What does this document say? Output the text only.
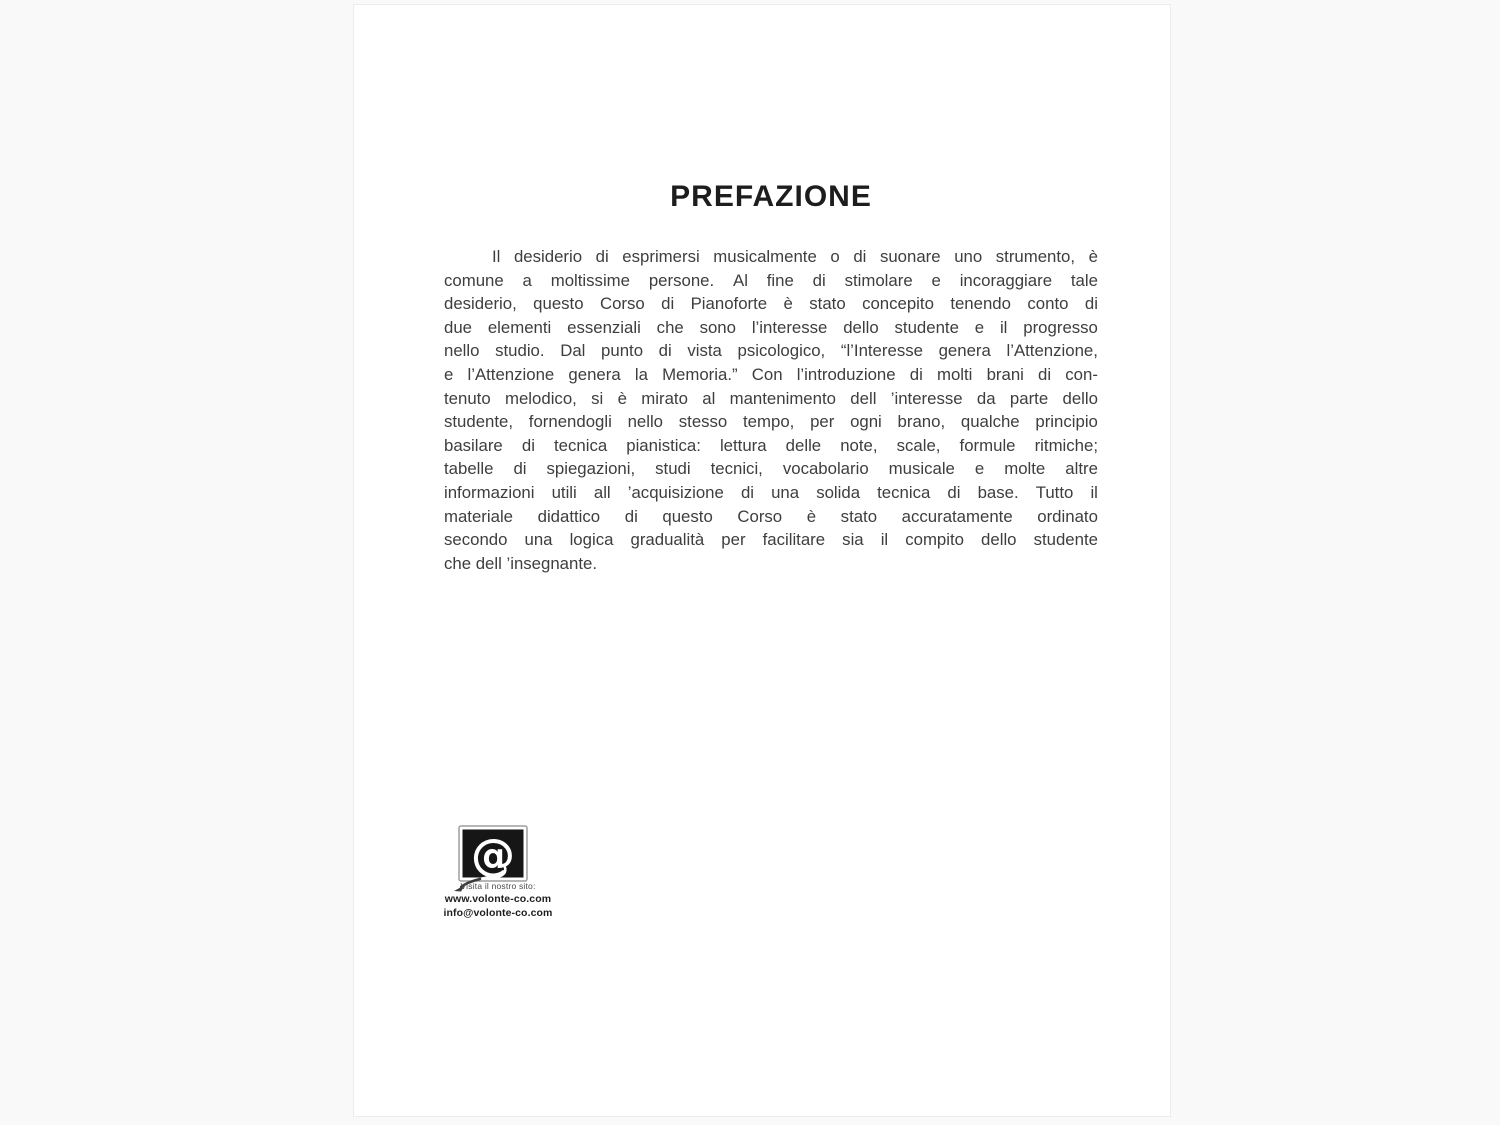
PREFAZIONE
Il desiderio di esprimersi musicalmente o di suonare uno strumento, è
comune a moltissime persone. Al fine di stimolare e incoraggiare tale
desiderio, questo Corso di Pianoforte è stato concepito tenendo conto di
due elementi essenziali che sono l’interesse dello studente e il progresso
nello studio. Dal punto di vista psicologico, “l’Interesse genera l’Attenzione,
e l’Attenzione genera la Memoria.” Con l’introduzione di molti brani di con-
tenuto melodico, si è mirato al mantenimento dell ’interesse da parte dello
studente, fornendogli nello stesso tempo, per ogni brano, qualche principio
basilare di tecnica pianistica: lettura delle note, scale, formule ritmiche;
tabelle di spiegazioni, studi tecnici, vocabolario musicale e molte altre
informazioni utili all ’acquisizione di una solida tecnica di base. Tutto il
materiale didattico di questo Corso è stato accuratamente ordinato
secondo una logica gradualità per facilitare sia il compito dello studente
che dell ’insegnante.
@
Visita il nostro sito:
www.volonte-co.com
info@volonte-co.com
